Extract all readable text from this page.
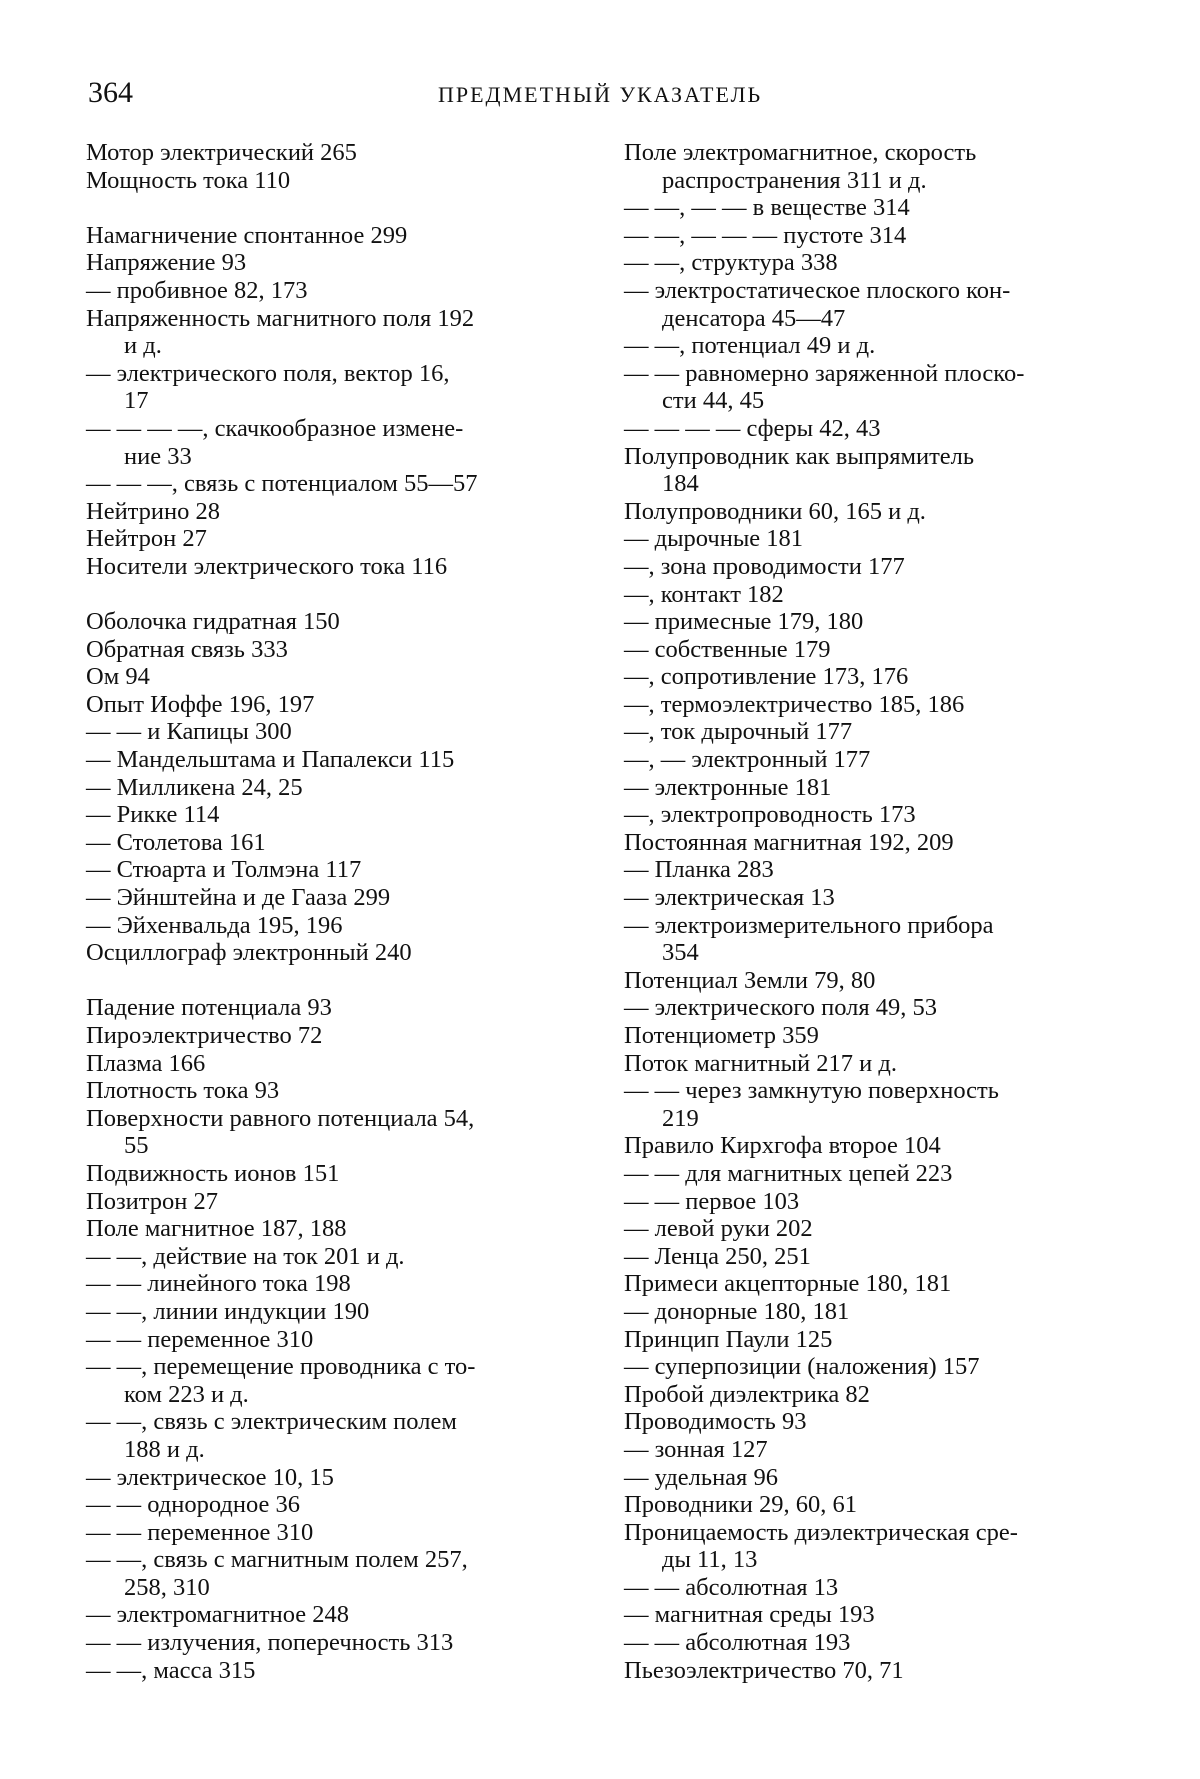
364	ПРЕДМЕТНЫЙ УКАЗАТЕЛЬ
Мотор электрический 265
Мощность тока 110
Намагничение спонтанное 299
Напряжение 93
— пробивное 82, 173
Напряженность магнитного поля 192
и д.
— электрического поля, вектор 16,
17
— — — —, скачкообразное измене-
ние 33
— — —, связь с потенциалом 55—57
Нейтрино 28
Нейтрон 27
Носители электрического тока 116
Оболочка гидратная 150
Обратная связь 333
Ом 94
Опыт Иоффе 196, 197
— — и Капицы 300
— Мандельштама и Папалекси 115
— Милликена 24, 25
— Рикке 114
— Столетова 161
— Стюарта и Толмэна 117
— Эйнштейна и де Гааза 299
— Эйхенвальда 195, 196
Осциллограф электронный 240
Падение потенциала 93
Пироэлектричество 72
Плазма 166
Плотность тока 93
Поверхности равного потенциала 54,
55
Подвижность ионов 151
Позитрон 27
Поле магнитное 187, 188
— —, действие на ток 201 и д.
— — линейного тока 198
— —, линии индукции 190
— — переменное 310
— —, перемещение проводника с то-
ком 223 и д.
— —, связь с электрическим полем
188 и д.
— электрическое 10, 15
— — однородное 36
— — переменное 310
— —, связь с магнитным полем 257,
258, 310
— электромагнитное 248
— — излучения, поперечность 313
— —, масса 315
Поле электромагнитное, скорость
распространения 311 и д.
— —, — — в веществе 314
— —, — — — пустоте 314
— —, структура 338
— электростатическое плоского кон-
денсатора 45—47
— —, потенциал 49 и д.
— — равномерно заряженной плоско-
сти 44, 45
— — — — сферы 42, 43
Полупроводник как выпрямитель
184
Полупроводники 60, 165 и д.
— дырочные 181
—, зона проводимости 177
—, контакт 182
— примесные 179, 180
— собственные 179
—, сопротивление 173, 176
—, термоэлектричество 185, 186
—, ток дырочный 177
—, — электронный 177
— электронные 181
—, электропроводность 173
Постоянная магнитная 192, 209
— Планка 283
— электрическая 13
— электроизмерительного прибора
354
Потенциал Земли 79, 80
— электрического поля 49, 53
Потенциометр 359
Поток магнитный 217 и д.
— — через замкнутую поверхность
219
Правило Кирхгофа второе 104
— — для магнитных цепей 223
— — первое 103
— левой руки 202
— Ленца 250, 251
Примеси акцепторные 180, 181
— донорные 180, 181
Принцип Паули 125
— суперпозиции (наложения) 157
Пробой диэлектрика 82
Проводимость 93
— зонная 127
— удельная 96
Проводники 29, 60, 61
Проницаемость диэлектрическая сре-
ды 11, 13
— — абсолютная 13
— магнитная среды 193
— — абсолютная 193
Пьезоэлектричество 70, 71
